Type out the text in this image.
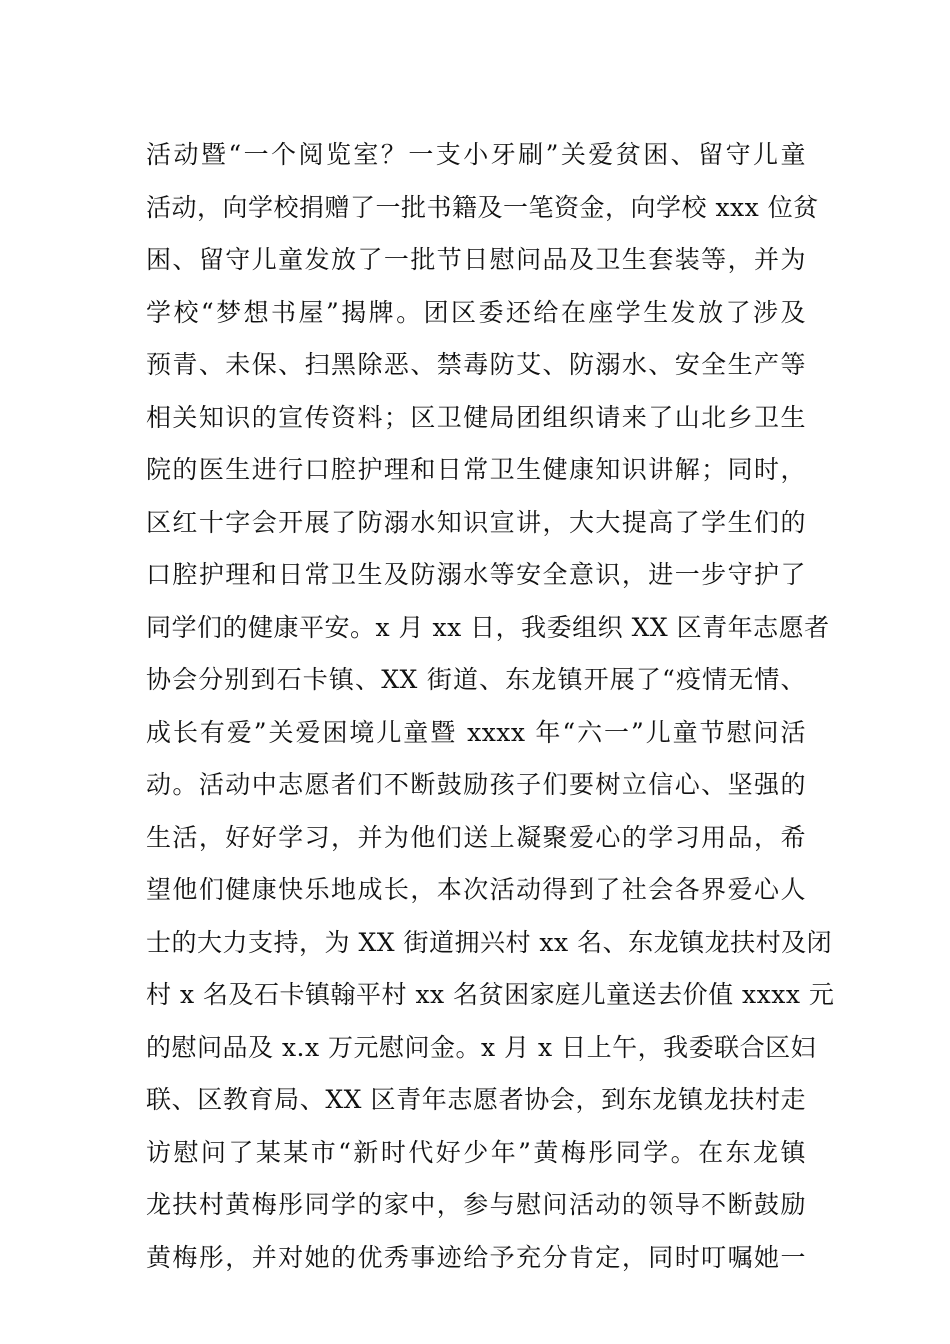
活动暨“一个阅览室？一支小牙刷”关爱贫困、留守儿童
活动，向学校捐赠了一批书籍及一笔资金，向学校 xxx 位贫
困、留守儿童发放了一批节日慰问品及卫生套装等，并为
学校“梦想书屋”揭牌。团区委还给在座学生发放了涉及
预青、未保、扫黑除恶、禁毒防艾、防溺水、安全生产等
相关知识的宣传资料；区卫健局团组织请来了山北乡卫生
院的医生进行口腔护理和日常卫生健康知识讲解；同时，
区红十字会开展了防溺水知识宣讲，大大提高了学生们的
口腔护理和日常卫生及防溺水等安全意识，进一步守护了
同学们的健康平安。x 月 xx 日，我委组织 XX 区青年志愿者
协会分别到石卡镇、XX 街道、东龙镇开展了“疫情无情、
成长有爱”关爱困境儿童暨 xxxx 年“六一”儿童节慰问活
动。活动中志愿者们不断鼓励孩子们要树立信心、坚强的
生活，好好学习，并为他们送上凝聚爱心的学习用品，希
望他们健康快乐地成长，本次活动得到了社会各界爱心人
士的大力支持，为 XX 街道拥兴村 xx 名、东龙镇龙扶村及闭
村 x 名及石卡镇翰平村 xx 名贫困家庭儿童送去价值 xxxx 元
的慰问品及 x.x 万元慰问金。x 月 x 日上午，我委联合区妇
联、区教育局、XX 区青年志愿者协会，到东龙镇龙扶村走
访慰问了某某市“新时代好少年”黄梅彤同学。在东龙镇
龙扶村黄梅彤同学的家中，参与慰问活动的领导不断鼓励
黄梅彤，并对她的优秀事迹给予充分肯定，同时叮嘱她一
